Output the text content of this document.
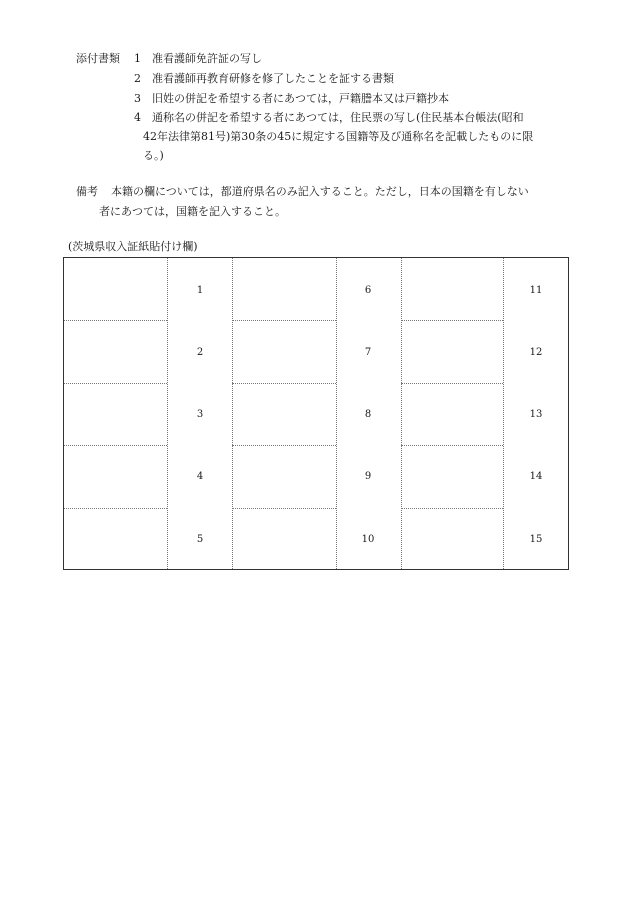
添付書類 1 准看護師免許証の写し
2 准看護師再教育研修を修了したことを証する書類
3 旧姓の併記を希望する者にあつては，戸籍謄本又は戸籍抄本
4 通称名の併記を希望する者にあつては，住民票の写し(住民基本台帳法(昭和
42年法律第81号)第30条の45に規定する国籍等及び通称名を記載したものに限
る。)
備考 本籍の欄については，都道府県名のみ記入すること。ただし，日本の国籍を有しない
者にあつては，国籍を記入すること。
(茨城県収入証紙貼付け欄)
1
2
3
4
5
6
7
8
9
10
11
12
13
14
15
